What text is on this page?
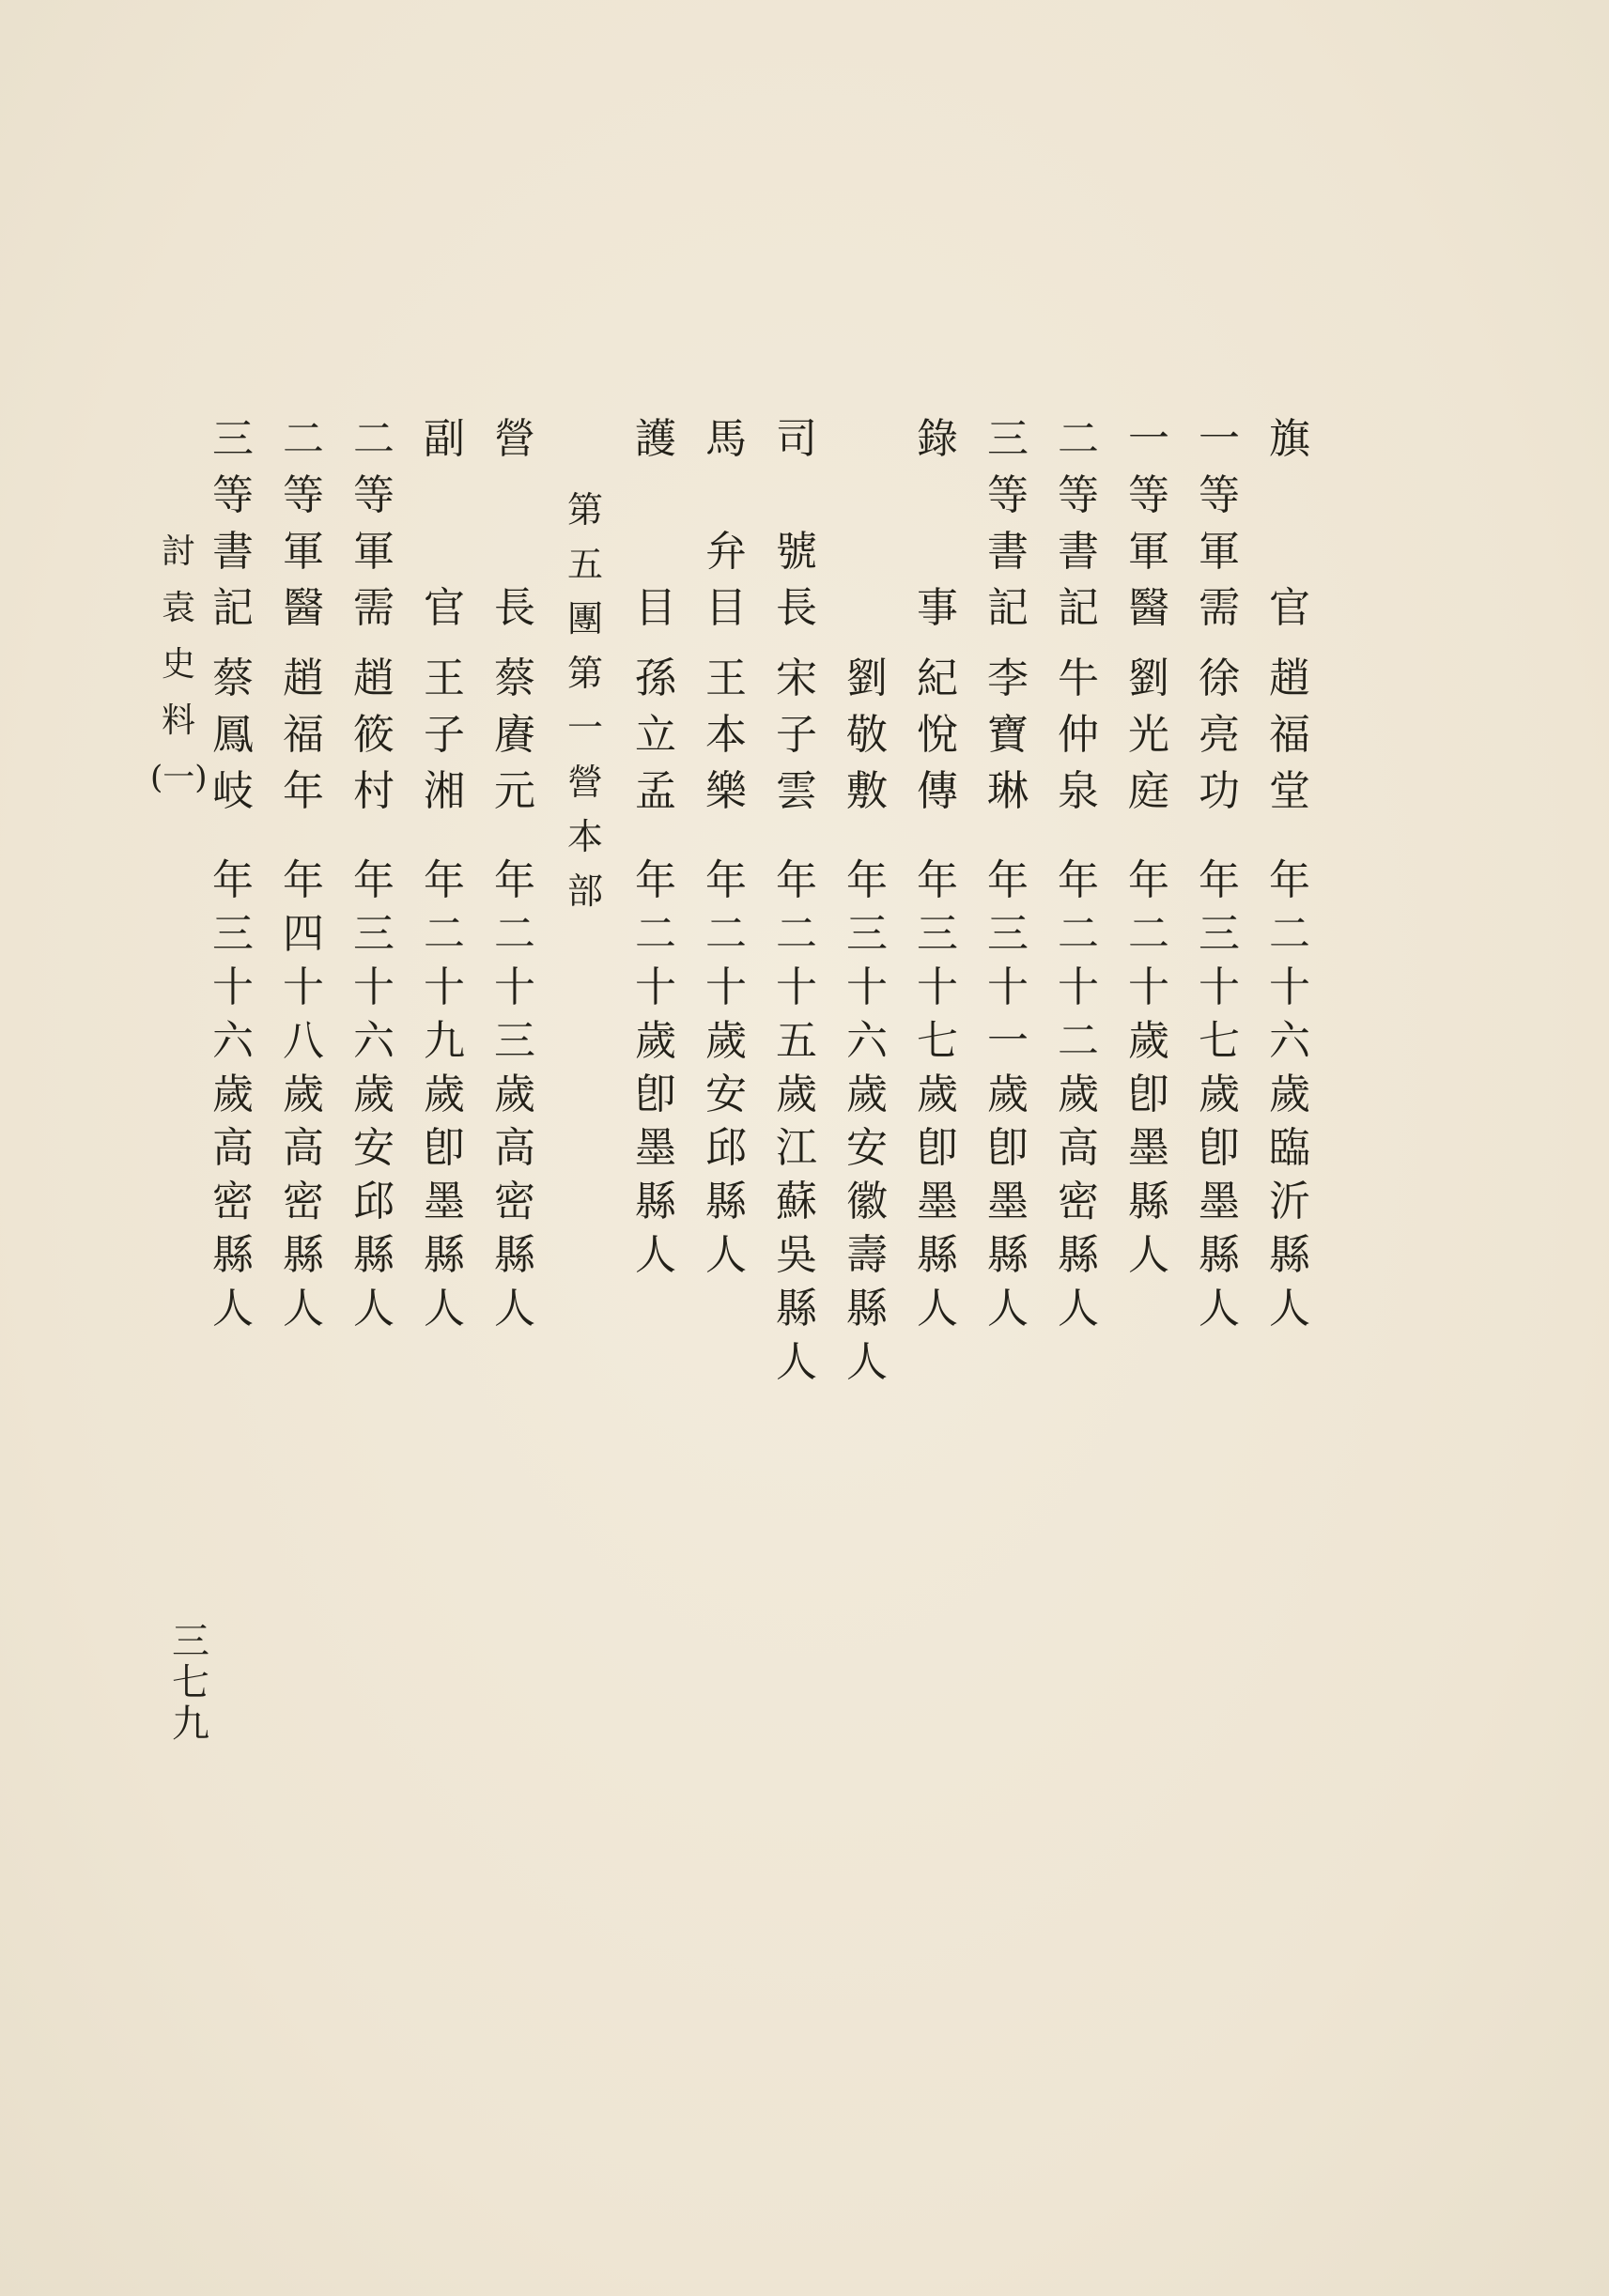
旗
官
趙
福
堂
年
二
十
六
歲
臨
沂
縣
人
一
等
軍
需
徐
亮
功
年
三
十
七
歲
卽
墨
縣
人
一
等
軍
醫
劉
光
庭
年
二
十
歲
卽
墨
縣
人
二
等
書
記
牛
仲
泉
年
二
十
二
歲
高
密
縣
人
三
等
書
記
李
寶
琳
年
三
十
一
歲
卽
墨
縣
人
錄
事
紀
悅
傳
年
三
十
七
歲
卽
墨
縣
人
劉
敬
敷
年
三
十
六
歲
安
徽
壽
縣
人
司
號
長
宋
子
雲
年
二
十
五
歲
江
蘇
吳
縣
人
馬
弁
目
王
本
樂
年
二
十
歲
安
邱
縣
人
護
目
孫
立
孟
年
二
十
歲
卽
墨
縣
人
第
五
團
第
一
營
本
部
營
長
蔡
賡
元
年
二
十
三
歲
高
密
縣
人
副
官
王
子
湘
年
二
十
九
歲
卽
墨
縣
人
二
等
軍
需
趙
筱
村
年
三
十
六
歲
安
邱
縣
人
二
等
軍
醫
趙
福
年
年
四
十
八
歲
高
密
縣
人
三
等
書
記
蔡
鳳
岐
年
三
十
六
歲
高
密
縣
人
討
袁
史
料
(一)
三
七
九
